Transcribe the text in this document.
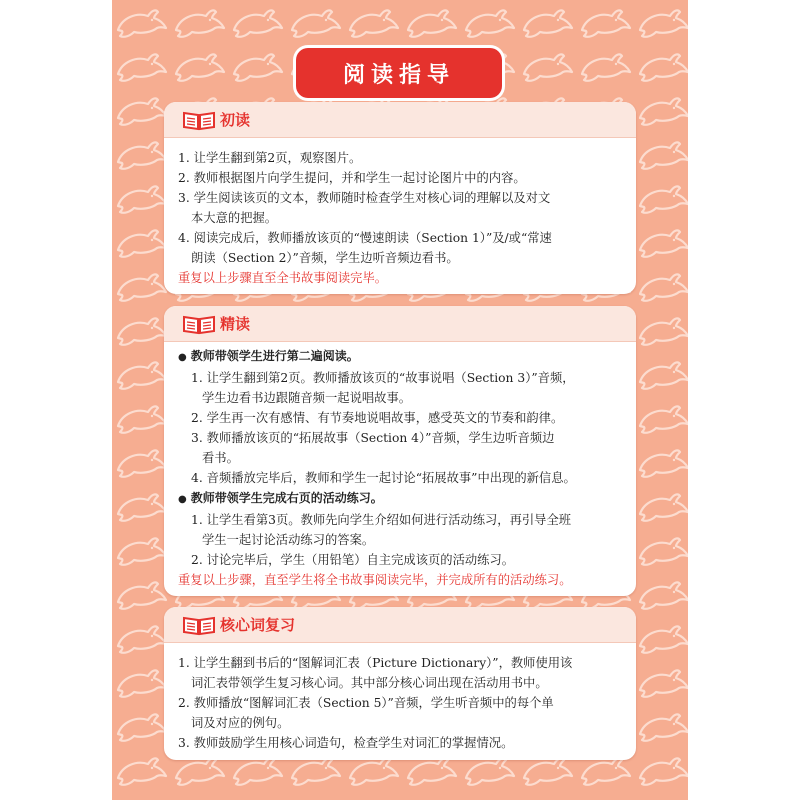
阅读指导
初读
1. 让学生翻到第2页，观察图片。
2. 教师根据图片向学生提问，并和学生一起讨论图片中的内容。
3. 学生阅读该页的文本，教师随时检查学生对核心词的理解以及对文
本大意的把握。
4. 阅读完成后，教师播放该页的“慢速朗读（Section 1）”及/或“常速
朗读（Section 2）”音频，学生边听音频边看书。
重复以上步骤直至全书故事阅读完毕。
精读
● 教师带领学生进行第二遍阅读。
1. 让学生翻到第2页。教师播放该页的“故事说唱（Section 3）”音频，
学生边看书边跟随音频一起说唱故事。
2. 学生再一次有感情、有节奏地说唱故事，感受英文的节奏和韵律。
3. 教师播放该页的“拓展故事（Section 4）”音频，学生边听音频边
看书。
4. 音频播放完毕后，教师和学生一起讨论“拓展故事”中出现的新信息。
● 教师带领学生完成右页的活动练习。
1. 让学生看第3页。教师先向学生介绍如何进行活动练习，再引导全班
学生一起讨论活动练习的答案。
2. 讨论完毕后，学生（用铅笔）自主完成该页的活动练习。
重复以上步骤，直至学生将全书故事阅读完毕，并完成所有的活动练习。
核心词复习
1. 让学生翻到书后的“图解词汇表（Picture Dictionary）”，教师使用该
词汇表带领学生复习核心词。其中部分核心词出现在活动用书中。
2. 教师播放“图解词汇表（Section 5）”音频，学生听音频中的每个单
词及对应的例句。
3. 教师鼓励学生用核心词造句，检查学生对词汇的掌握情况。
